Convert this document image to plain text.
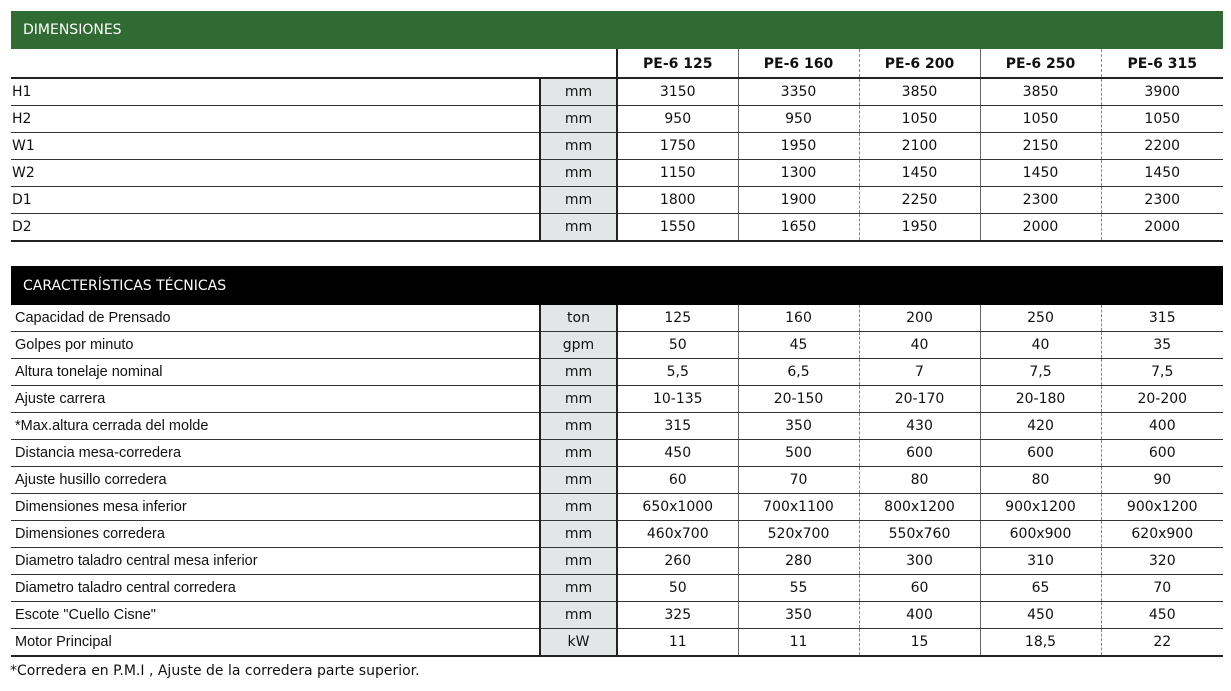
DIMENSIONES
		PE-6 125	PE-6 160	PE-6 200	PE-6 250	PE-6 315
H1	mm	3150	3350	3850	3850	3900
H2	mm	950	950	1050	1050	1050
W1	mm	1750	1950	2100	2150	2200
W2	mm	1150	1300	1450	1450	1450
D1	mm	1800	1900	2250	2300	2300
D2	mm	1550	1650	1950	2000	2000
CARACTERÍSTICAS TÉCNICAS
Capacidad de Prensado	ton	125	160	200	250	315
Golpes por minuto	gpm	50	45	40	40	35
Altura tonelaje nominal	mm	5,5	6,5	7	7,5	7,5
Ajuste carrera	mm	10-135	20-150	20-170	20-180	20-200
*Max.altura cerrada del molde	mm	315	350	430	420	400
Distancia mesa-corredera	mm	450	500	600	600	600
Ajuste husillo corredera	mm	60	70	80	80	90
Dimensiones mesa inferior	mm	650x1000	700x1100	800x1200	900x1200	900x1200
Dimensiones corredera	mm	460x700	520x700	550x760	600x900	620x900
Diametro taladro central mesa inferior	mm	260	280	300	310	320
Diametro taladro central corredera	mm	50	55	60	65	70
Escote "Cuello Cisne"	mm	325	350	400	450	450
Motor Principal	kW	11	11	15	18,5	22
*Corredera en P.M.I , Ajuste de la corredera parte superior.
